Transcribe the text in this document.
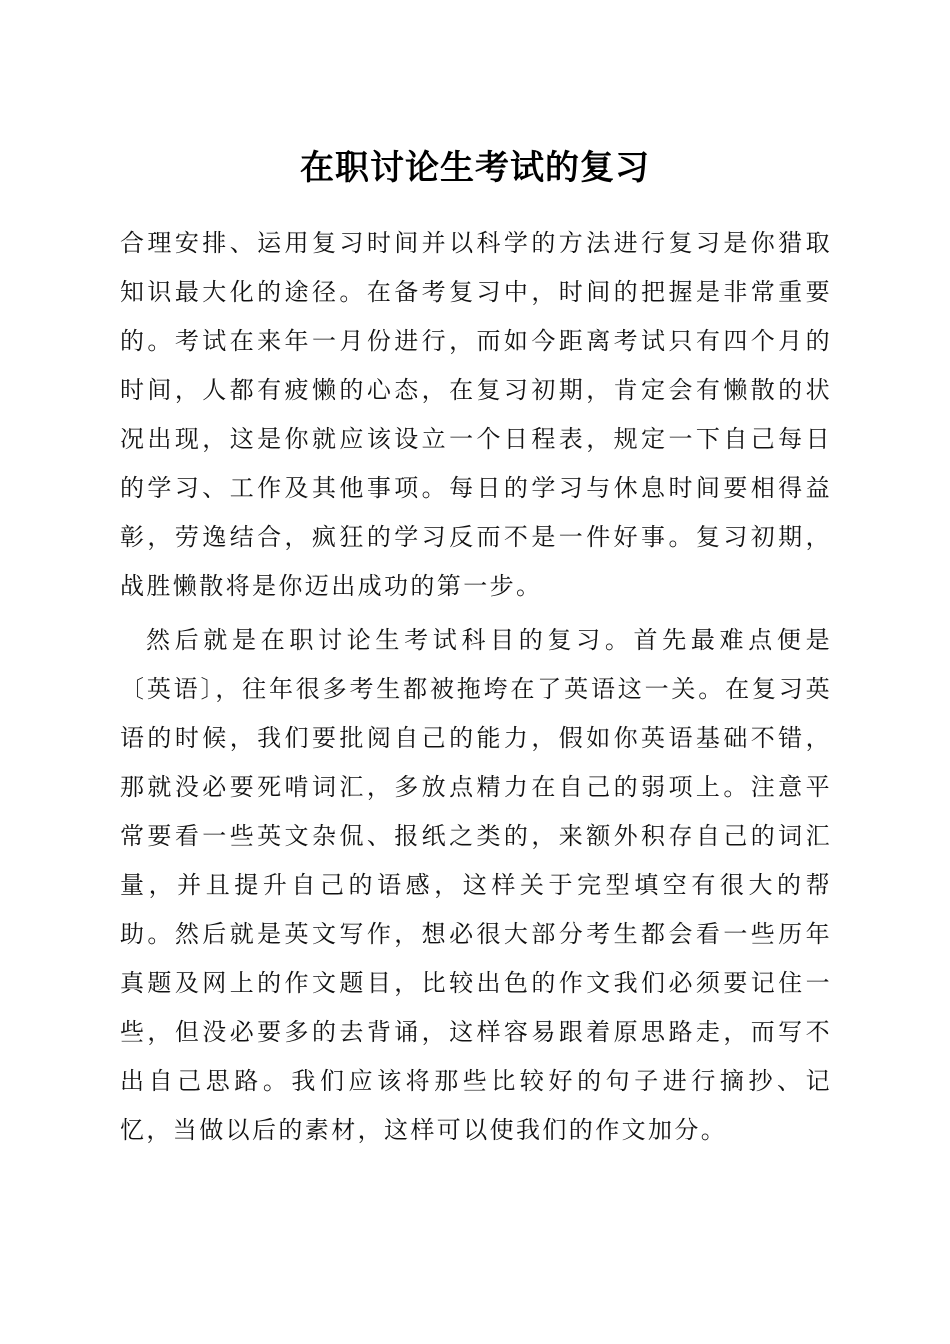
在职讨论生考试的复习

合理安排、运用复习时间并以科学的方法进行复习是你猎取知识最大化的途径。在备考复习中，时间的把握是非常重要的。考试在来年一月份进行，而如今距离考试只有四个月的时间，人都有疲懒的心态，在复习初期，肯定会有懒散的状况出现，这是你就应该设立一个日程表，规定一下自己每日的学习、工作及其他事项。每日的学习与休息时间要相得益彰，劳逸结合，疯狂的学习反而不是一件好事。复习初期，战胜懒散将是你迈出成功的第一步。

然后就是在职讨论生考试科目的复习。首先最难点便是〔英语〕，往年很多考生都被拖垮在了英语这一关。在复习英语的时候，我们要批阅自己的能力，假如你英语基础不错，那就没必要死啃词汇，多放点精力在自己的弱项上。注意平常要看一些英文杂侃、报纸之类的，来额外积存自己的词汇量，并且提升自己的语感，这样关于完型填空有很大的帮助。然后就是英文写作，想必很大部分考生都会看一些历年真题及网上的作文题目，比较出色的作文我们必须要记住一些，但没必要多的去背诵，这样容易跟着原思路走，而写不出自己思路。我们应该将那些比较好的句子进行摘抄、记忆，当做以后的素材，这样可以使我们的作文加分。
